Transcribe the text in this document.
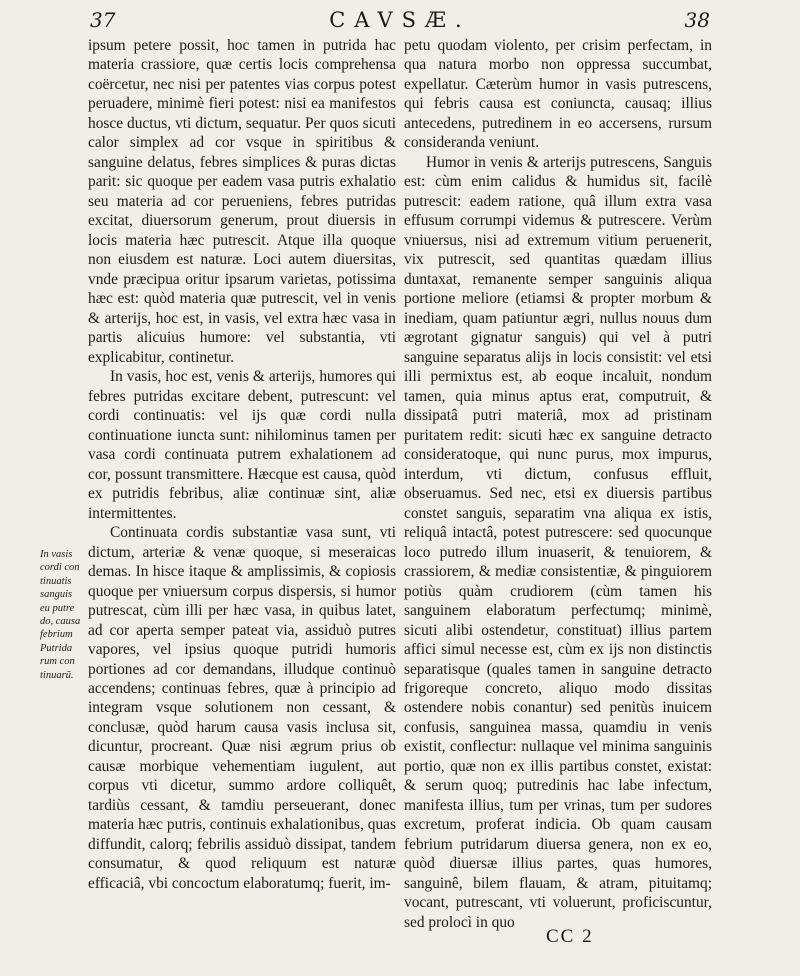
37	CAVSÆ.	38

ipsum petere possit, hoc tamen in putrida hac materia crassiore, quæ certis locis comprehensa coërcetur, nec nisi per patentes vias corpus potest peruadere, minimè fieri potest: nisi ea manifestos hosce ductus, vti dictum, sequatur. Per quos sicuti calor simplex ad cor vsque in spiritibus & sanguine delatus, febres simplices & puras dictas parit: sic quoque per eadem vasa putris exhalatio seu materia ad cor perueniens, febres putridas excitat, diuersorum generum, prout diuersis in locis materia hæc putrescit. Atque illa quoque non eiusdem est naturæ. Loci autem diuersitas, vnde præcipua oritur ipsarum varietas, potissima hæc est: quòd materia quæ putrescit, vel in venis & arterijs, hoc est, in vasis, vel extra hæc vasa in partis alicuius humore: vel substantia, vti explicabitur, continetur.

In vasis, hoc est, venis & arterijs, humores qui febres putridas excitare debent, putrescunt: vel cordi continuatis: vel ijs quæ cordi nulla continuatione iuncta sunt: nihilominus tamen per vasa cordi continuata putrem exhalationem ad cor, possunt transmittere. Hæcque est causa, quòd ex putridis febribus, aliæ continuæ sint, aliæ intermittentes.

Continuata cordis substantiæ vasa sunt, vti dictum, arteriæ & venæ quoque, si meseraicas demas. In hisce itaque & amplissimis, & copiosis quoque per vniuersum corpus dispersis, si humor putrescat, cùm illi per hæc vasa, in quibus latet, ad cor aperta semper pateat via, assiduò putres vapores, vel ipsius quoque putridi humoris portiones ad cor demandans, illudque continuò accendens; continuas febres, quæ à principio ad integram vsque solutionem non cessant, & conclusæ, quòd harum causa vasis inclusa sit, dicuntur, procreant. Quæ nisi ægrum prius ob causæ morbique vehementiam iugulent, aut corpus vti dicetur, summo ardore colliquêt, tardiùs cessant, & tamdiu perseuerant, donec materia hæc putris, continuis exhalationibus, quas diffundit, calorq; febrilis assiduò dissipat, tandem consumatur, & quod reliquum est naturæ efficaciâ, vbi concoctum elaboratumq; fuerit, im-

In vasis
cordi con
tinuatis
sanguis
eu putre
do, causa
febrium
Putrida
rum con
tinuarũ.

petu quodam violento, per crisim perfectam, in qua natura morbo non oppressa succumbat, expellatur. Cæterùm humor in vasis putrescens, qui febris causa est coniuncta, causaq; illius antecedens, putredinem in eo accersens, rursum consideranda veniunt.

Humor in venis & arterijs putrescens, Sanguis est: cùm enim calidus & humidus sit, facilè putrescit: eadem ratione, quâ illum extra vasa effusum corrumpi videmus & putrescere. Verùm vniuersus, nisi ad extremum vitium peruenerit, vix putrescit, sed quantitas quædam illius duntaxat, remanente semper sanguinis aliqua portione meliore (etiamsi & propter morbum & inediam, quam patiuntur ægri, nullus nouus dum ægrotant gignatur sanguis) qui vel à putri sanguine separatus alijs in locis consistit: vel etsi illi permixtus est, ab eoque incaluit, nondum tamen, quia minus aptus erat, computruit, & dissipatâ putri materiâ, mox ad pristinam puritatem redit: sicuti hæc ex sanguine detracto consideratoque, qui nunc purus, mox impurus, interdum, vti dictum, confusus effluit, obseruamus. Sed nec, etsi ex diuersis partibus constet sanguis, separatim vna aliqua ex istis, reliquâ intactâ, potest putrescere: sed quocunque loco putredo illum inuaserit, & tenuiorem, & crassiorem, & mediæ consistentiæ, & pinguiorem potiùs quàm crudiorem (cùm tamen his sanguinem elaboratum perfectumq; minimè, sicuti alibi ostendetur, constituat) illius partem affici simul necesse est, cùm ex ijs non distinctis separatisque (quales tamen in sanguine detracto frigoreque concreto, aliquo modo dissitas ostendere nobis conantur) sed penitùs inuicem confusis, sanguinea massa, quamdiu in venis existit, conflectur: nullaque vel minima sanguinis portio, quæ non ex illis partibus constet, existat: & serum quoq; putredinis hac labe infectum, manifesta illius, tum per vrinas, tum per sudores excretum, proferat indicia. Ob quam causam febrium putridarum diuersa genera, non ex eo, quòd diuersæ illius partes, quas humores, sanguinê, bilem flauam, & atram, pituitamq; vocant, putrescant, vti voluerunt, proficiscuntur, sed prolocì in quo

CC 2
